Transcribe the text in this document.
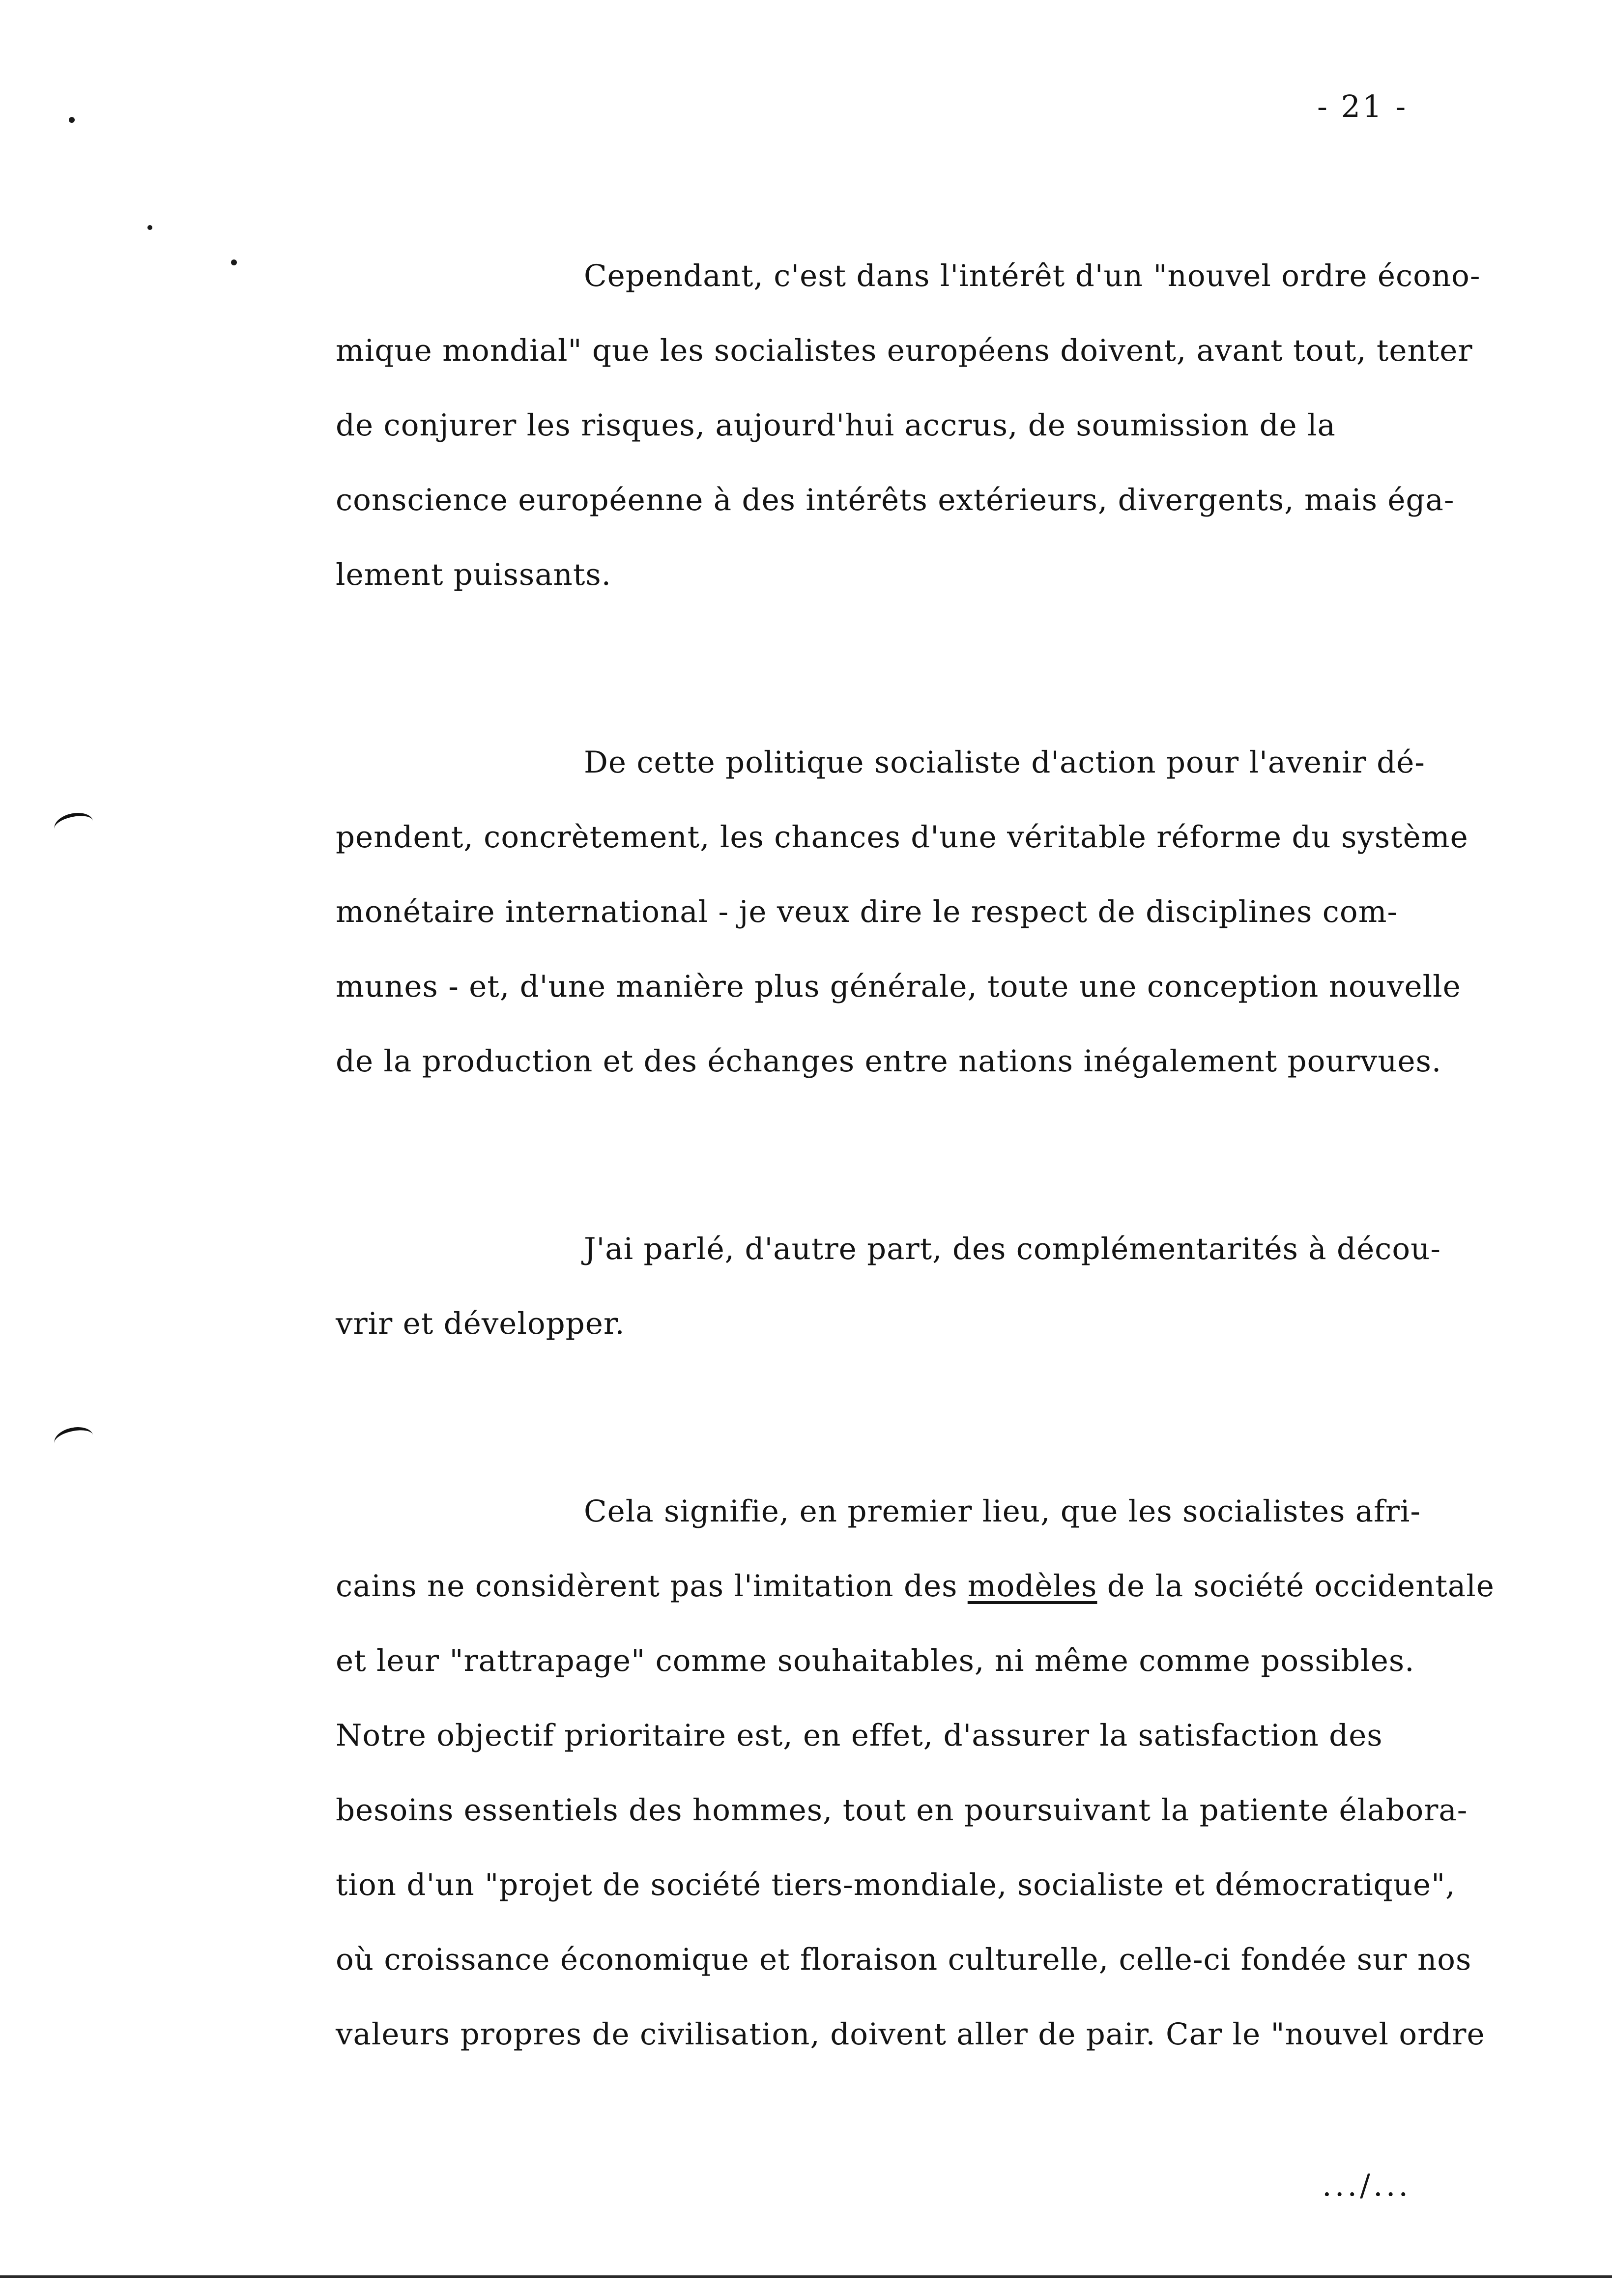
- 21 -

Cependant, c'est dans l'intérêt d'un "nouvel ordre écono-
mique mondial" que les socialistes européens doivent, avant tout, tenter
de conjurer les risques, aujourd'hui accrus, de soumission de la
conscience européenne à des intérêts extérieurs, divergents, mais éga-
lement puissants.

De cette politique socialiste d'action pour l'avenir dé-
pendent, concrètement, les chances d'une véritable réforme du système
monétaire international - je veux dire le respect de disciplines com-
munes - et, d'une manière plus générale, toute une conception nouvelle
de la production et des échanges entre nations inégalement pourvues.

J'ai parlé, d'autre part, des complémentarités à décou-
vrir et développer.

Cela signifie, en premier lieu, que les socialistes afri-
cains ne considèrent pas l'imitation des modèles de la société occidentale
et leur "rattrapage" comme souhaitables, ni même comme possibles.
Notre objectif prioritaire est, en effet, d'assurer la satisfaction des
besoins essentiels des hommes, tout en poursuivant la patiente élabora-
tion d'un "projet de société tiers-mondiale, socialiste et démocratique",
où croissance économique et floraison culturelle, celle-ci fondée sur nos
valeurs propres de civilisation, doivent aller de pair. Car le "nouvel ordre

.../...
